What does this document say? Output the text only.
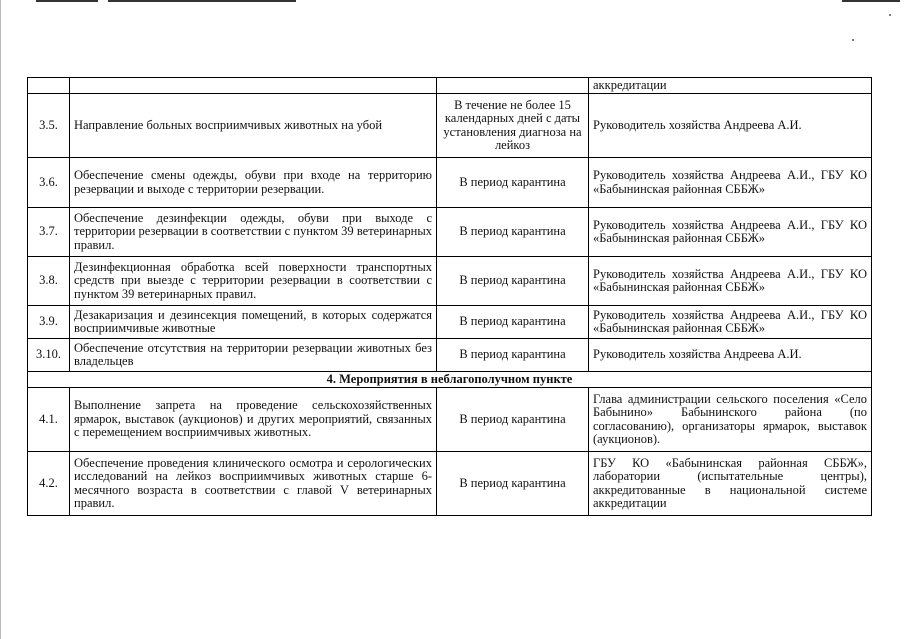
			аккредитации
3.5.	Направление больных восприимчивых животных на убой	В течение не более 15 календарных дней с даты установления диагноза на лейкоз	Руководитель хозяйства Андреева А.И.
3.6.	Обеспечение смены одежды, обуви при входе на территорию резервации и выходе с территории резервации.	В период карантина	Руководитель хозяйства Андреева А.И., ГБУ КО «Бабынинская районная СББЖ»
3.7.	Обеспечение дезинфекции одежды, обуви при выходе с территории резервации в соответствии с пунктом 39 ветеринарных правил.	В период карантина	Руководитель хозяйства Андреева А.И., ГБУ КО «Бабынинская районная СББЖ»
3.8.	Дезинфекционная обработка всей поверхности транспортных средств при выезде с территории резервации в соответствии с пунктом 39 ветеринарных правил.	В период карантина	Руководитель хозяйства Андреева А.И., ГБУ КО «Бабынинская районная СББЖ»
3.9.	Дезакаризация и дезинсекция помещений, в которых содержатся восприимчивые животные	В период карантина	Руководитель хозяйства Андреева А.И., ГБУ КО «Бабынинская районная СББЖ»
3.10.	Обеспечение отсутствия на территории резервации животных без владельцев	В период карантина	Руководитель хозяйства Андреева А.И.
4. Мероприятия в неблагополучном пункте			
4.1.	Выполнение запрета на проведение сельскохозяйственных ярмарок, выставок (аукционов) и других мероприятий, связанных с перемещением восприимчивых животных.	В период карантина	Глава администрации сельского поселения «Село Бабынино» Бабынинского района (по согласованию), организаторы ярмарок, выставок (аукционов).
4.2.	Обеспечение проведения клинического осмотра и серологических исследований на лейкоз восприимчивых животных старше 6-месячного возраста в соответствии с главой V ветеринарных правил.	В период карантина	ГБУ КО «Бабынинская районная СББЖ», лаборатории (испытательные центры), аккредитованные в национальной системе аккредитации
